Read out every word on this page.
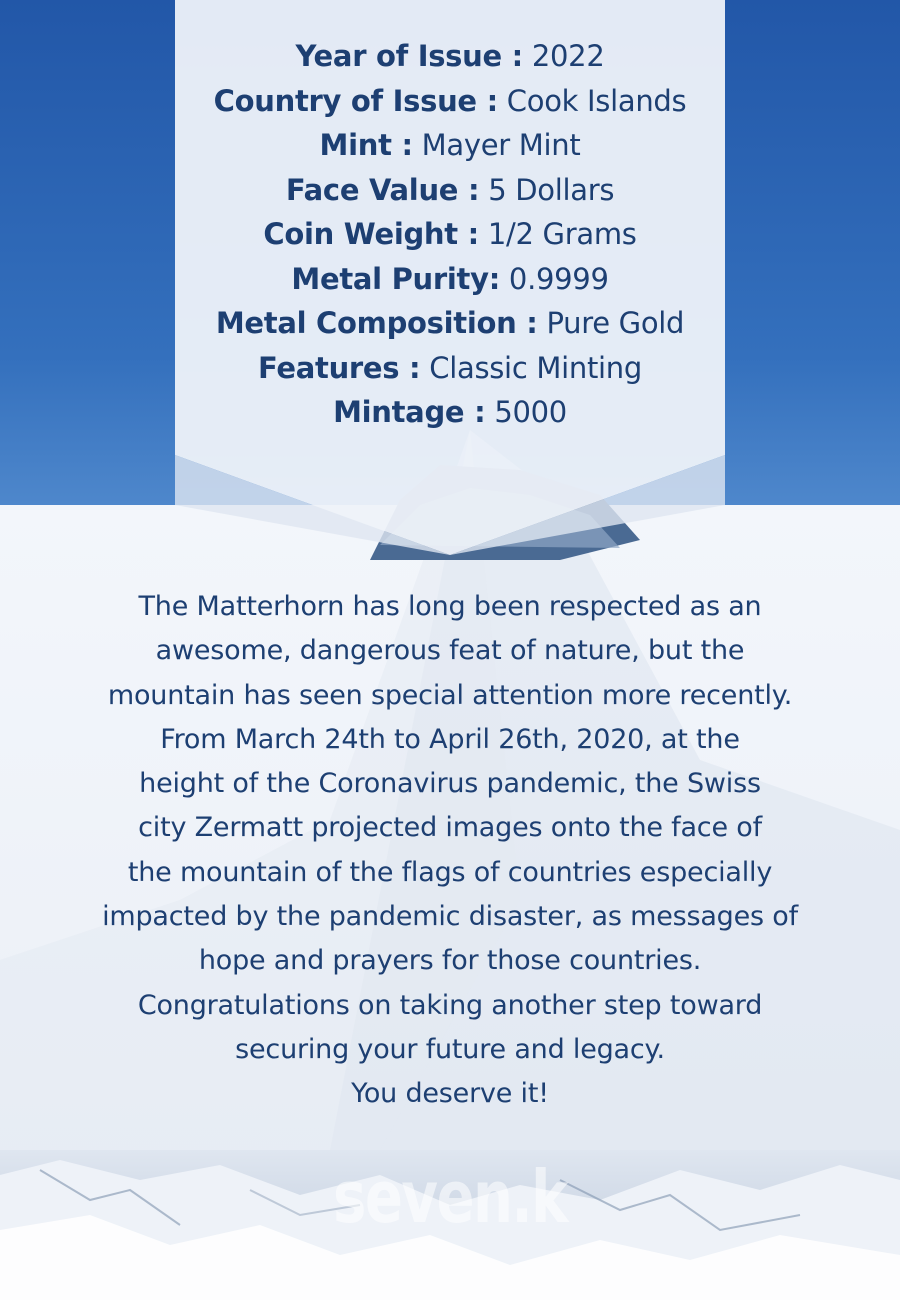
Year of Issue : 2022
Country of Issue : Cook Islands
Mint : Mayer Mint
Face Value : 5 Dollars
Coin Weight : 1/2 Grams
Metal Purity: 0.9999
Metal Composition : Pure Gold
Features : Classic Minting
Mintage : 5000
The Matterhorn has long been respected as an
awesome, dangerous feat of nature, but the
mountain has seen special attention more recently.
From March 24th to April 26th, 2020, at the
height of the Coronavirus pandemic, the Swiss
city Zermatt projected images onto the face of
the mountain of the flags of countries especially
impacted by the pandemic disaster, as messages of
hope and prayers for those countries.
Congratulations on taking another step toward
securing your future and legacy.
You deserve it!
seven.k
